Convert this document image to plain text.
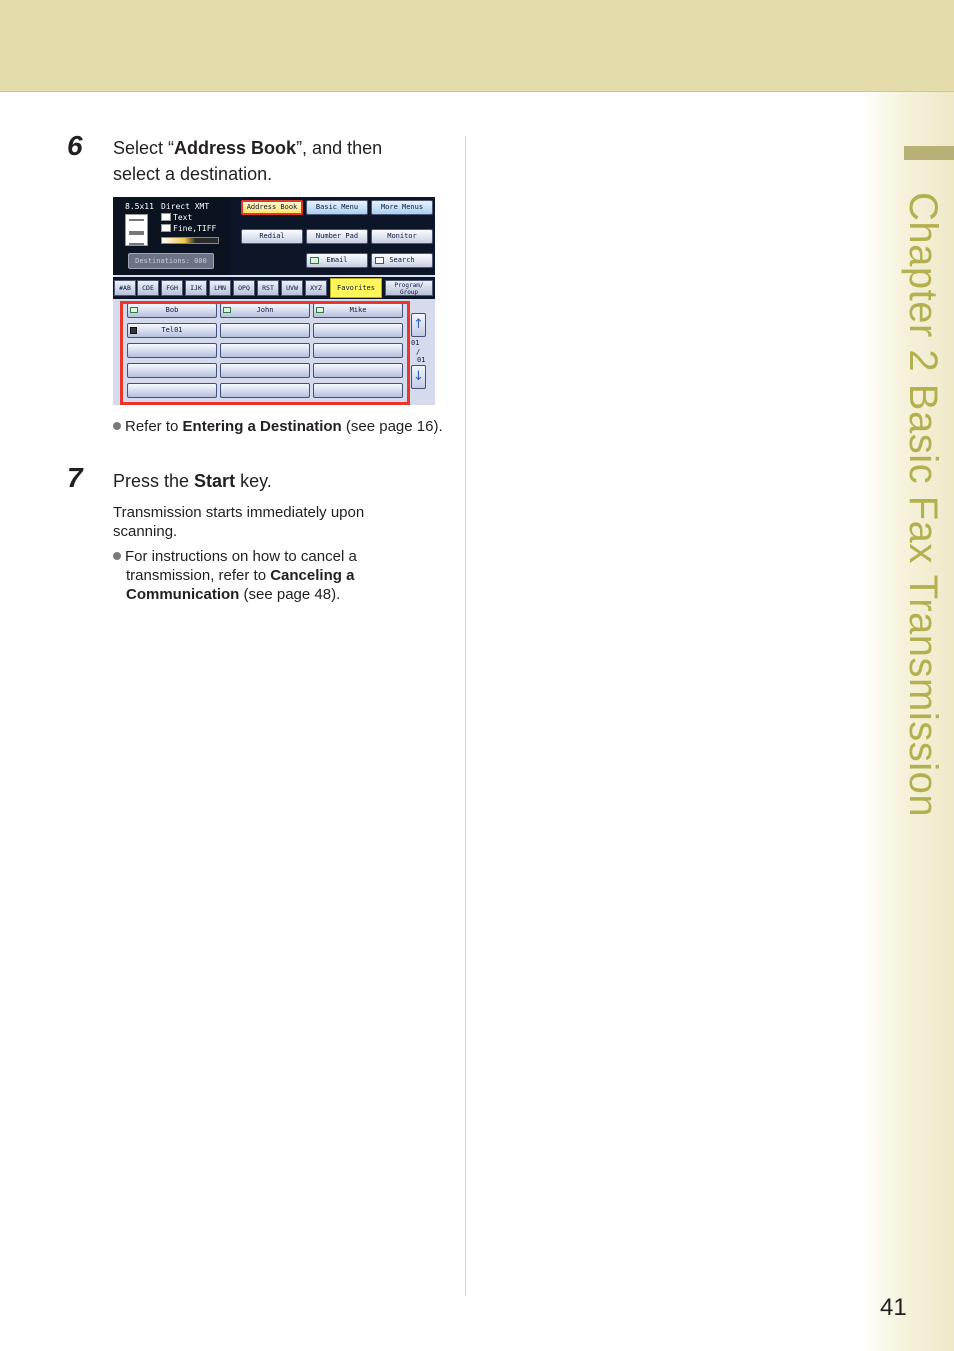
Chapter 2 Basic Fax Transmission
6 Select “Address Book”, and then
select a destination.
8.5x11 Direct XMT
Text
Fine,TIFF
Destinations: 000
Address Book	Basic Menu	More Menus
Redial	Number Pad	Monitor
Email	Search
#AB	CDE	FGH	IJK	LMN	OPQ	RST	UVW	XYZ	Favorites	Program/
Group
Bob	John	Mike
Tel01	↑
01
/
01
↓
Refer to Entering a Destination (see page 16).
7 Press the Start key.
Transmission starts immediately upon
scanning.
For instructions on how to cancel a
transmission, refer to Canceling a
Communication (see page 48).
41
